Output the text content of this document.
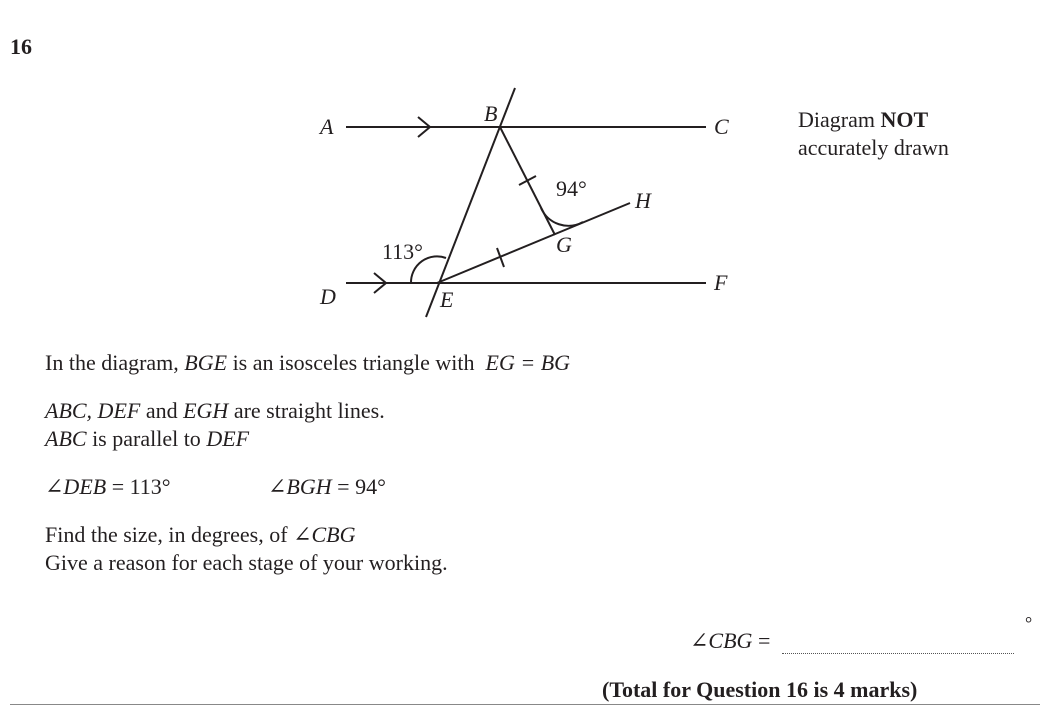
16
A
B
C
D	E
F
G
H
113°
94°
Diagram NOT
accurately drawn
In the diagram, BGE is an isosceles triangle with  EG = BG
ABC, DEF and EGH are straight lines.
ABC is parallel to DEF
∠DEB = 113°	∠BGH = 94°
Find the size, in degrees, of ∠CBG
Give a reason for each stage of your working.
∠CBG =
°
(Total for Question 16 is 4 marks)
